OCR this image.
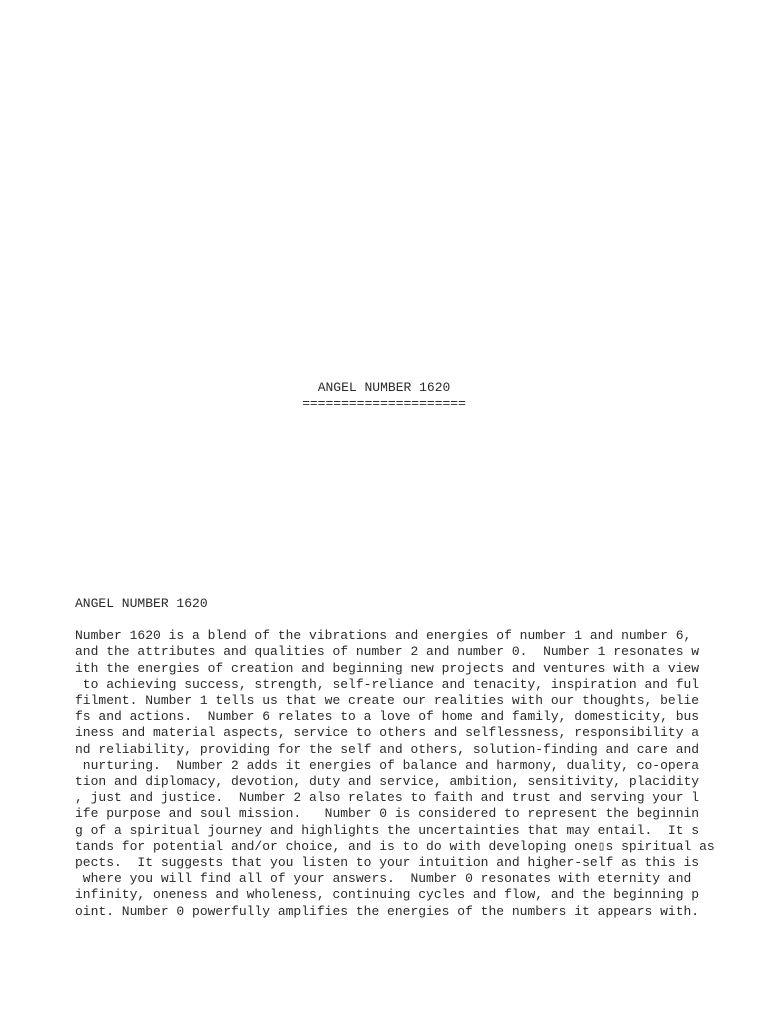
ANGEL NUMBER 1620
=====================
ANGEL NUMBER 1620
Number 1620 is a blend of the vibrations and energies of number 1 and number 6,
and the attributes and qualities of number 2 and number 0.  Number 1 resonates w
ith the energies of creation and beginning new projects and ventures with a view
to achieving success, strength, self-reliance and tenacity, inspiration and ful
filment. Number 1 tells us that we create our realities with our thoughts, belie
fs and actions.  Number 6 relates to a love of home and family, domesticity, bus
iness and material aspects, service to others and selflessness, responsibility a
nd reliability, providing for the self and others, solution-finding and care and
nurturing.  Number 2 adds it energies of balance and harmony, duality, co-opera
tion and diplomacy, devotion, duty and service, ambition, sensitivity, placidity
, just and justice.  Number 2 also relates to faith and trust and serving your l
ife purpose and soul mission.   Number 0 is considered to represent the beginnin
g of a spiritual journey and highlights the uncertainties that may entail.  It s
tands for potential and/or choice, and is to do with developing one▯s spiritual as
pects.  It suggests that you listen to your intuition and higher-self as this is
where you will find all of your answers.  Number 0 resonates with eternity and
infinity, oneness and wholeness, continuing cycles and flow, and the beginning p
oint. Number 0 powerfully amplifies the energies of the numbers it appears with.
